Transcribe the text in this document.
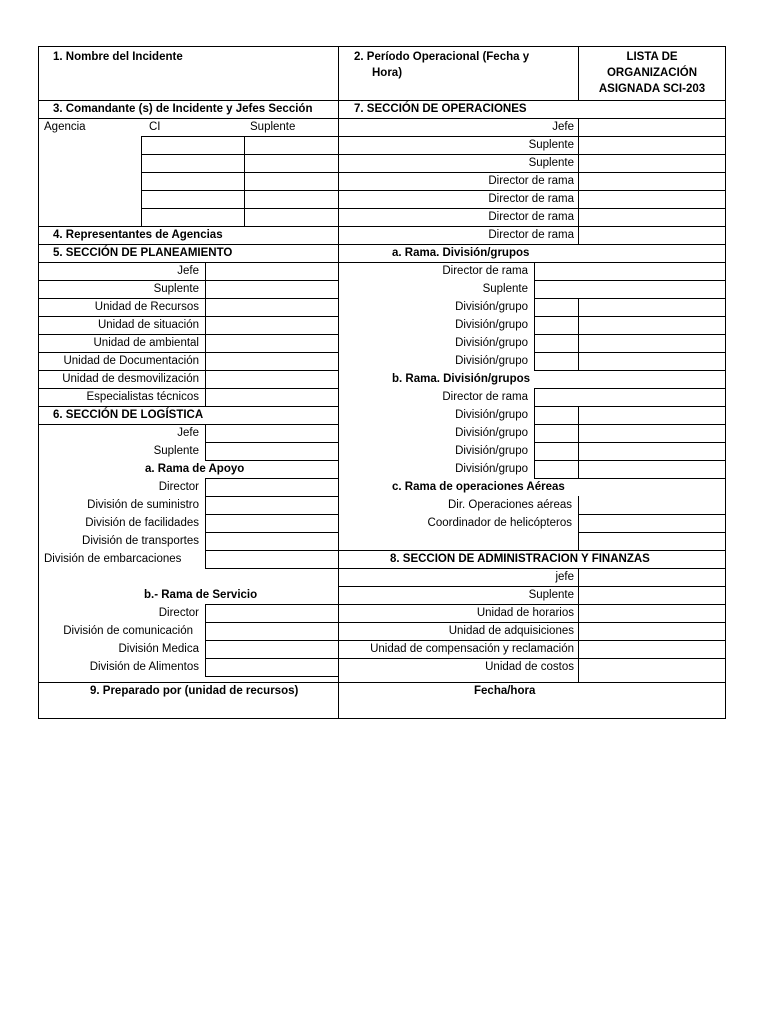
1. Nombre del Incidente	2. Período Operacional (Fecha y
Hora)
LISTA DE
ORGANIZACIÓN
ASIGNADA SCI-203
3. Comandante (s) de Incidente y Jefes Sección
Agencia	CI	Suplente
7. SECCIÓN DE OPERACIONES
Jefe
Suplente
Suplente
Director de rama
Director de rama
Director de rama
Director de rama
4. Representantes de Agencias
5. SECCIÓN DE PLANEAMIENTO
Jefe
Suplente
Unidad de Recursos
Unidad de situación
Unidad de ambiental
Unidad de Documentación
Unidad de desmovilización
Especialistas técnicos
a. Rama. División/grupos
Director de rama
Suplente
División/grupo
División/grupo
División/grupo
División/grupo
b. Rama. División/grupos
Director de rama
División/grupo
División/grupo
División/grupo
División/grupo
c. Rama de operaciones Aéreas
Dir. Operaciones aéreas
Coordinador de helicópteros
6. SECCIÓN DE LOGÍSTICA
Jefe
Suplente
a. Rama de Apoyo
Director
División de suministro
División de facilidades
División de transportes
División de embarcaciones
b.- Rama de Servicio
Director
División de comunicación
División Medica
División de Alimentos
8. SECCION DE ADMINISTRACION Y FINANZAS
jefe
Suplente
Unidad de horarios
Unidad de adquisiciones
Unidad de compensación y reclamación
Unidad de costos
9. Preparado por (unidad de recursos)	Fecha/hora
